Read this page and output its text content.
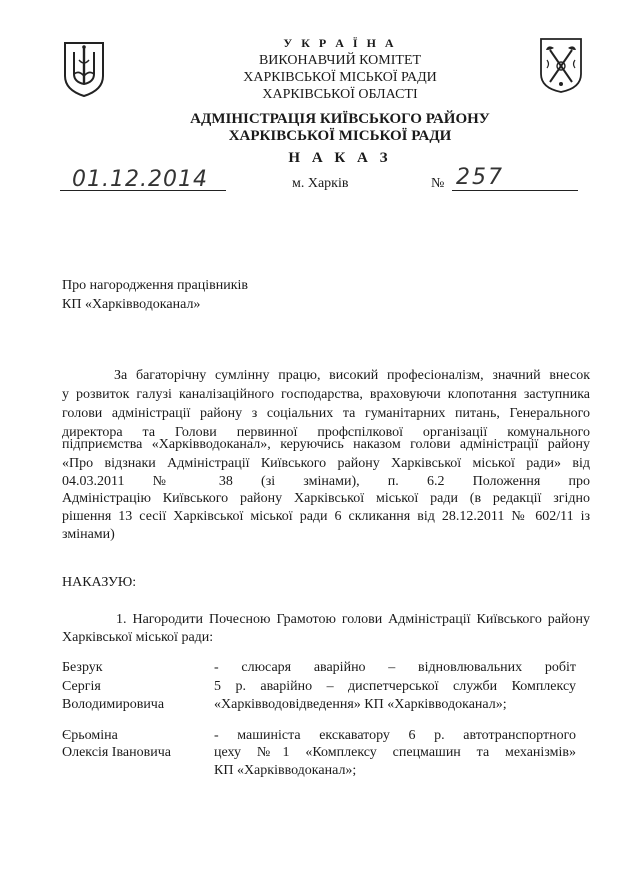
У К Р А Ї Н А
ВИКОНАВЧИЙ КОМІТЕТ
ХАРКІВСЬКОЇ МІСЬКОЇ РАДИ
ХАРКІВСЬКОЇ ОБЛАСТІ
АДМІНІСТРАЦІЯ КИЇВСЬКОГО РАЙОНУ
ХАРКІВСЬКОЇ МІСЬКОЇ РАДИ
Н А К А З
01.12.2014	м. Харків	№ 257
Про нагородження працівників
КП «Харківводоканал»
За багаторічну сумлінну працю, високий професіоналізм, значний внесок
у розвиток галузі каналізаційного господарства, враховуючи клопотання заступника
голови адміністрації району з соціальних та гуманітарних питань, Генерального
директора та Голови первинної профспілкової організації комунального
підприємства «Харківводоканал», керуючись наказом голови адміністрації району
«Про відзнаки Адміністрації Київського району Харківської міської ради» від
04.03.2011 № 38 (зі змінами), п. 6.2 Положення про
Адміністрацію Київського району Харківської міської ради (в редакції згідно
рішення 13 сесії Харківської міської ради 6 скликання від 28.12.2011 № 602/11 із
змінами)
НАКАЗУЮ:
1. Нагородити Почесною Грамотою голови Адміністрації Київського району
Харківської міської ради:
Безрук
Сергія
Володимировича
- слюсаря аварійно – відновлювальних робіт
5 р. аварійно – диспетчерської служби Комплексу
«Харківводовідведення» КП «Харківводоканал»;
Єрьоміна
Олексія Івановича
- машиніста екскаватору 6 р. автотранспортного
цеху №1 «Комплексу спецмашин та механізмів»
КП «Харківводоканал»;
